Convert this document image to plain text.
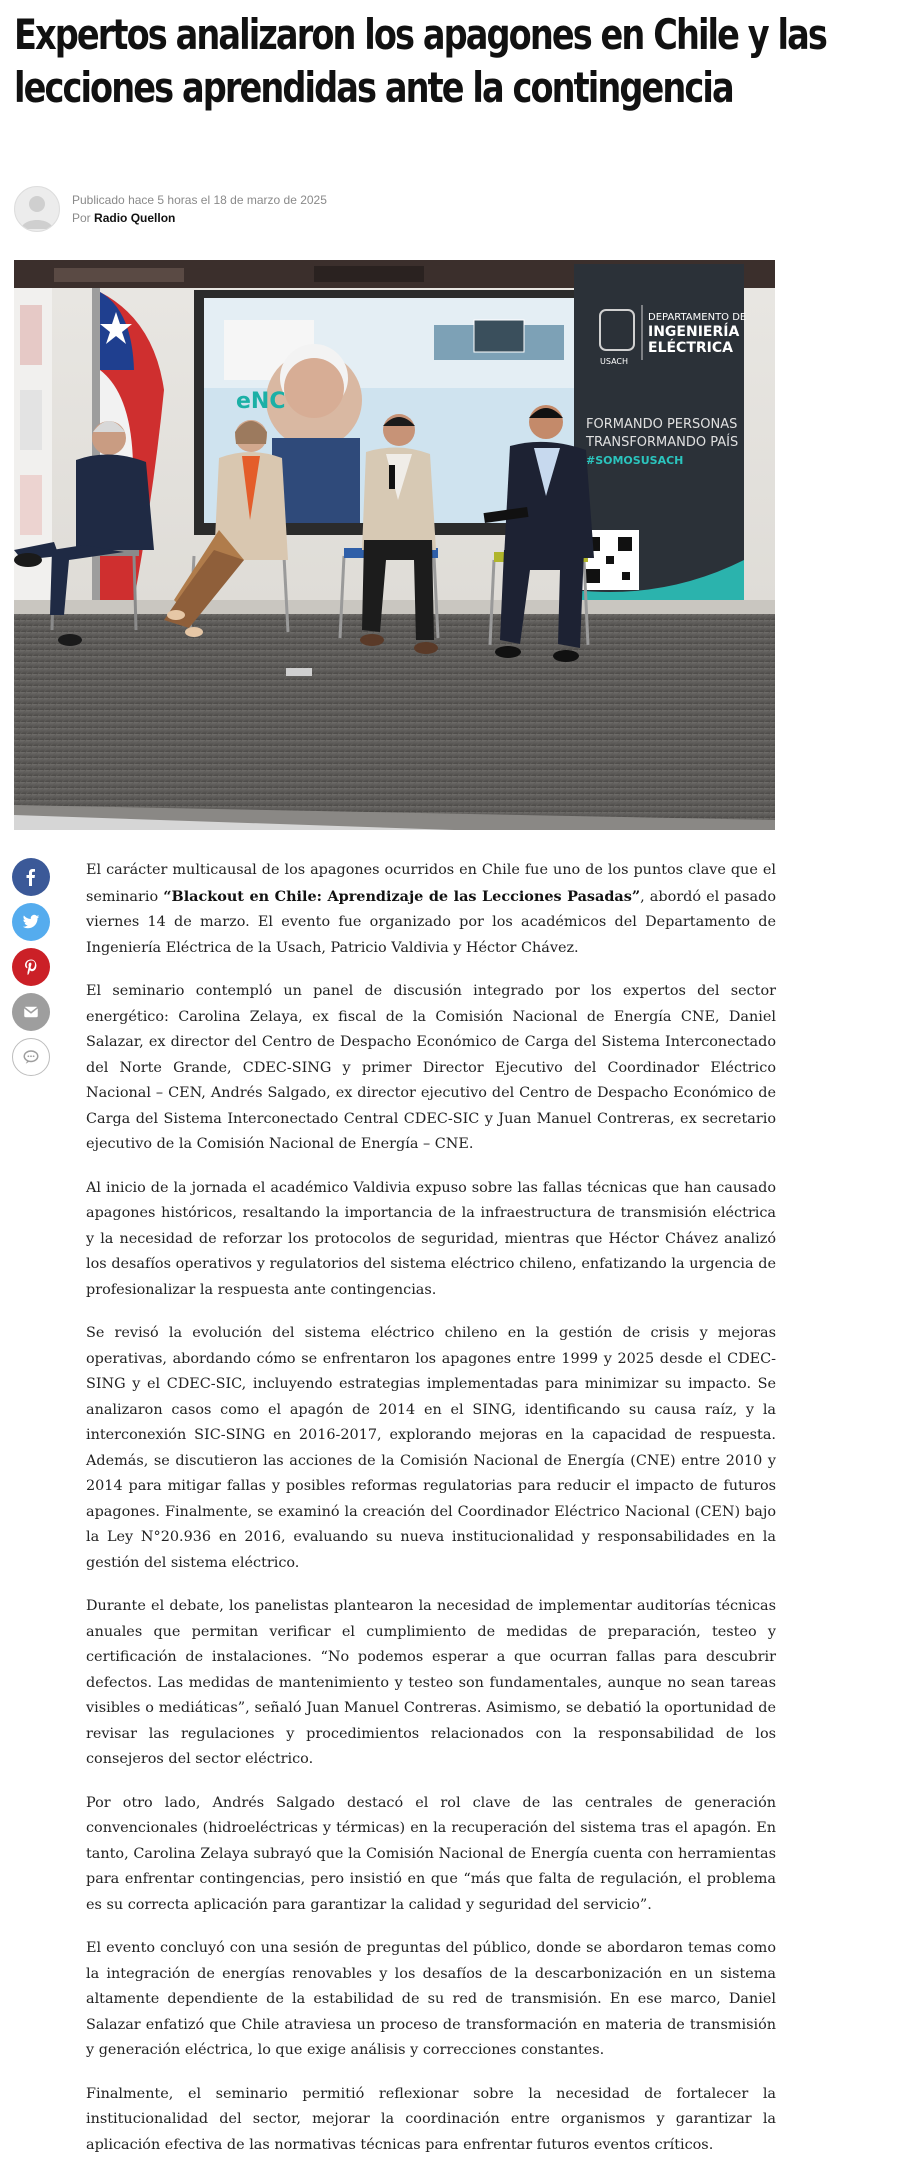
Expertos analizaron los apagones en Chile y las lecciones aprendidas ante la contingencia
Publicado hace 5 horas el 18 de marzo de 2025
Por Radio Quellon
eNC
USACH
DEPARTAMENTO DE
INGENIERÍA
ELÉCTRICA
FORMANDO PERSONAS
TRANSFORMANDO PAÍS
#SOMOSUSACH

El carácter multicausal de los apagones ocurridos en Chile fue uno de los puntos clave que el seminario “Blackout en Chile: Aprendizaje de las Lecciones Pasadas”, abordó el pasado viernes 14 de marzo. El evento fue organizado por los académicos del Departamento de Ingeniería Eléctrica de la Usach, Patricio Valdivia y Héctor Chávez.

El seminario contempló un panel de discusión integrado por los expertos del sector energético: Carolina Zelaya, ex fiscal de la Comisión Nacional de Energía CNE, Daniel Salazar, ex director del Centro de Despacho Económico de Carga del Sistema Interconectado del Norte Grande, CDEC-SING y primer Director Ejecutivo del Coordinador Eléctrico Nacional – CEN, Andrés Salgado, ex director ejecutivo del Centro de Despacho Económico de Carga del Sistema Interconectado Central CDEC-SIC y Juan Manuel Contreras, ex secretario ejecutivo de la Comisión Nacional de Energía – CNE.

Al inicio de la jornada el académico Valdivia expuso sobre las fallas técnicas que han causado apagones históricos, resaltando la importancia de la infraestructura de transmisión eléctrica y la necesidad de reforzar los protocolos de seguridad, mientras que Héctor Chávez analizó los desafíos operativos y regulatorios del sistema eléctrico chileno, enfatizando la urgencia de profesionalizar la respuesta ante contingencias.

Se revisó la evolución del sistema eléctrico chileno en la gestión de crisis y mejoras operativas, abordando cómo se enfrentaron los apagones entre 1999 y 2025 desde el CDEC-SING y el CDEC-SIC, incluyendo estrategias implementadas para minimizar su impacto. Se analizaron casos como el apagón de 2014 en el SING, identificando su causa raíz, y la interconexión SIC-SING en 2016-2017, explorando mejoras en la capacidad de respuesta. Además, se discutieron las acciones de la Comisión Nacional de Energía (CNE) entre 2010 y 2014 para mitigar fallas y posibles reformas regulatorias para reducir el impacto de futuros apagones. Finalmente, se examinó la creación del Coordinador Eléctrico Nacional (CEN) bajo la Ley N°20.936 en 2016, evaluando su nueva institucionalidad y responsabilidades en la gestión del sistema eléctrico.

Durante el debate, los panelistas plantearon la necesidad de implementar auditorías técnicas anuales que permitan verificar el cumplimiento de medidas de preparación, testeo y certificación de instalaciones. “No podemos esperar a que ocurran fallas para descubrir defectos. Las medidas de mantenimiento y testeo son fundamentales, aunque no sean tareas visibles o mediáticas”, señaló Juan Manuel Contreras. Asimismo, se debatió la oportunidad de revisar las regulaciones y procedimientos relacionados con la responsabilidad de los consejeros del sector eléctrico.

Por otro lado, Andrés Salgado destacó el rol clave de las centrales de generación convencionales (hidroeléctricas y térmicas) en la recuperación del sistema tras el apagón. En tanto, Carolina Zelaya subrayó que la Comisión Nacional de Energía cuenta con herramientas para enfrentar contingencias, pero insistió en que “más que falta de regulación, el problema es su correcta aplicación para garantizar la calidad y seguridad del servicio”.

El evento concluyó con una sesión de preguntas del público, donde se abordaron temas como la integración de energías renovables y los desafíos de la descarbonización en un sistema altamente dependiente de la estabilidad de su red de transmisión. En ese marco, Daniel Salazar enfatizó que Chile atraviesa un proceso de transformación en materia de transmisión y generación eléctrica, lo que exige análisis y correcciones constantes.

Finalmente, el seminario permitió reflexionar sobre la necesidad de fortalecer la institucionalidad del sector, mejorar la coordinación entre organismos y garantizar la aplicación efectiva de las normativas técnicas para enfrentar futuros eventos críticos.
